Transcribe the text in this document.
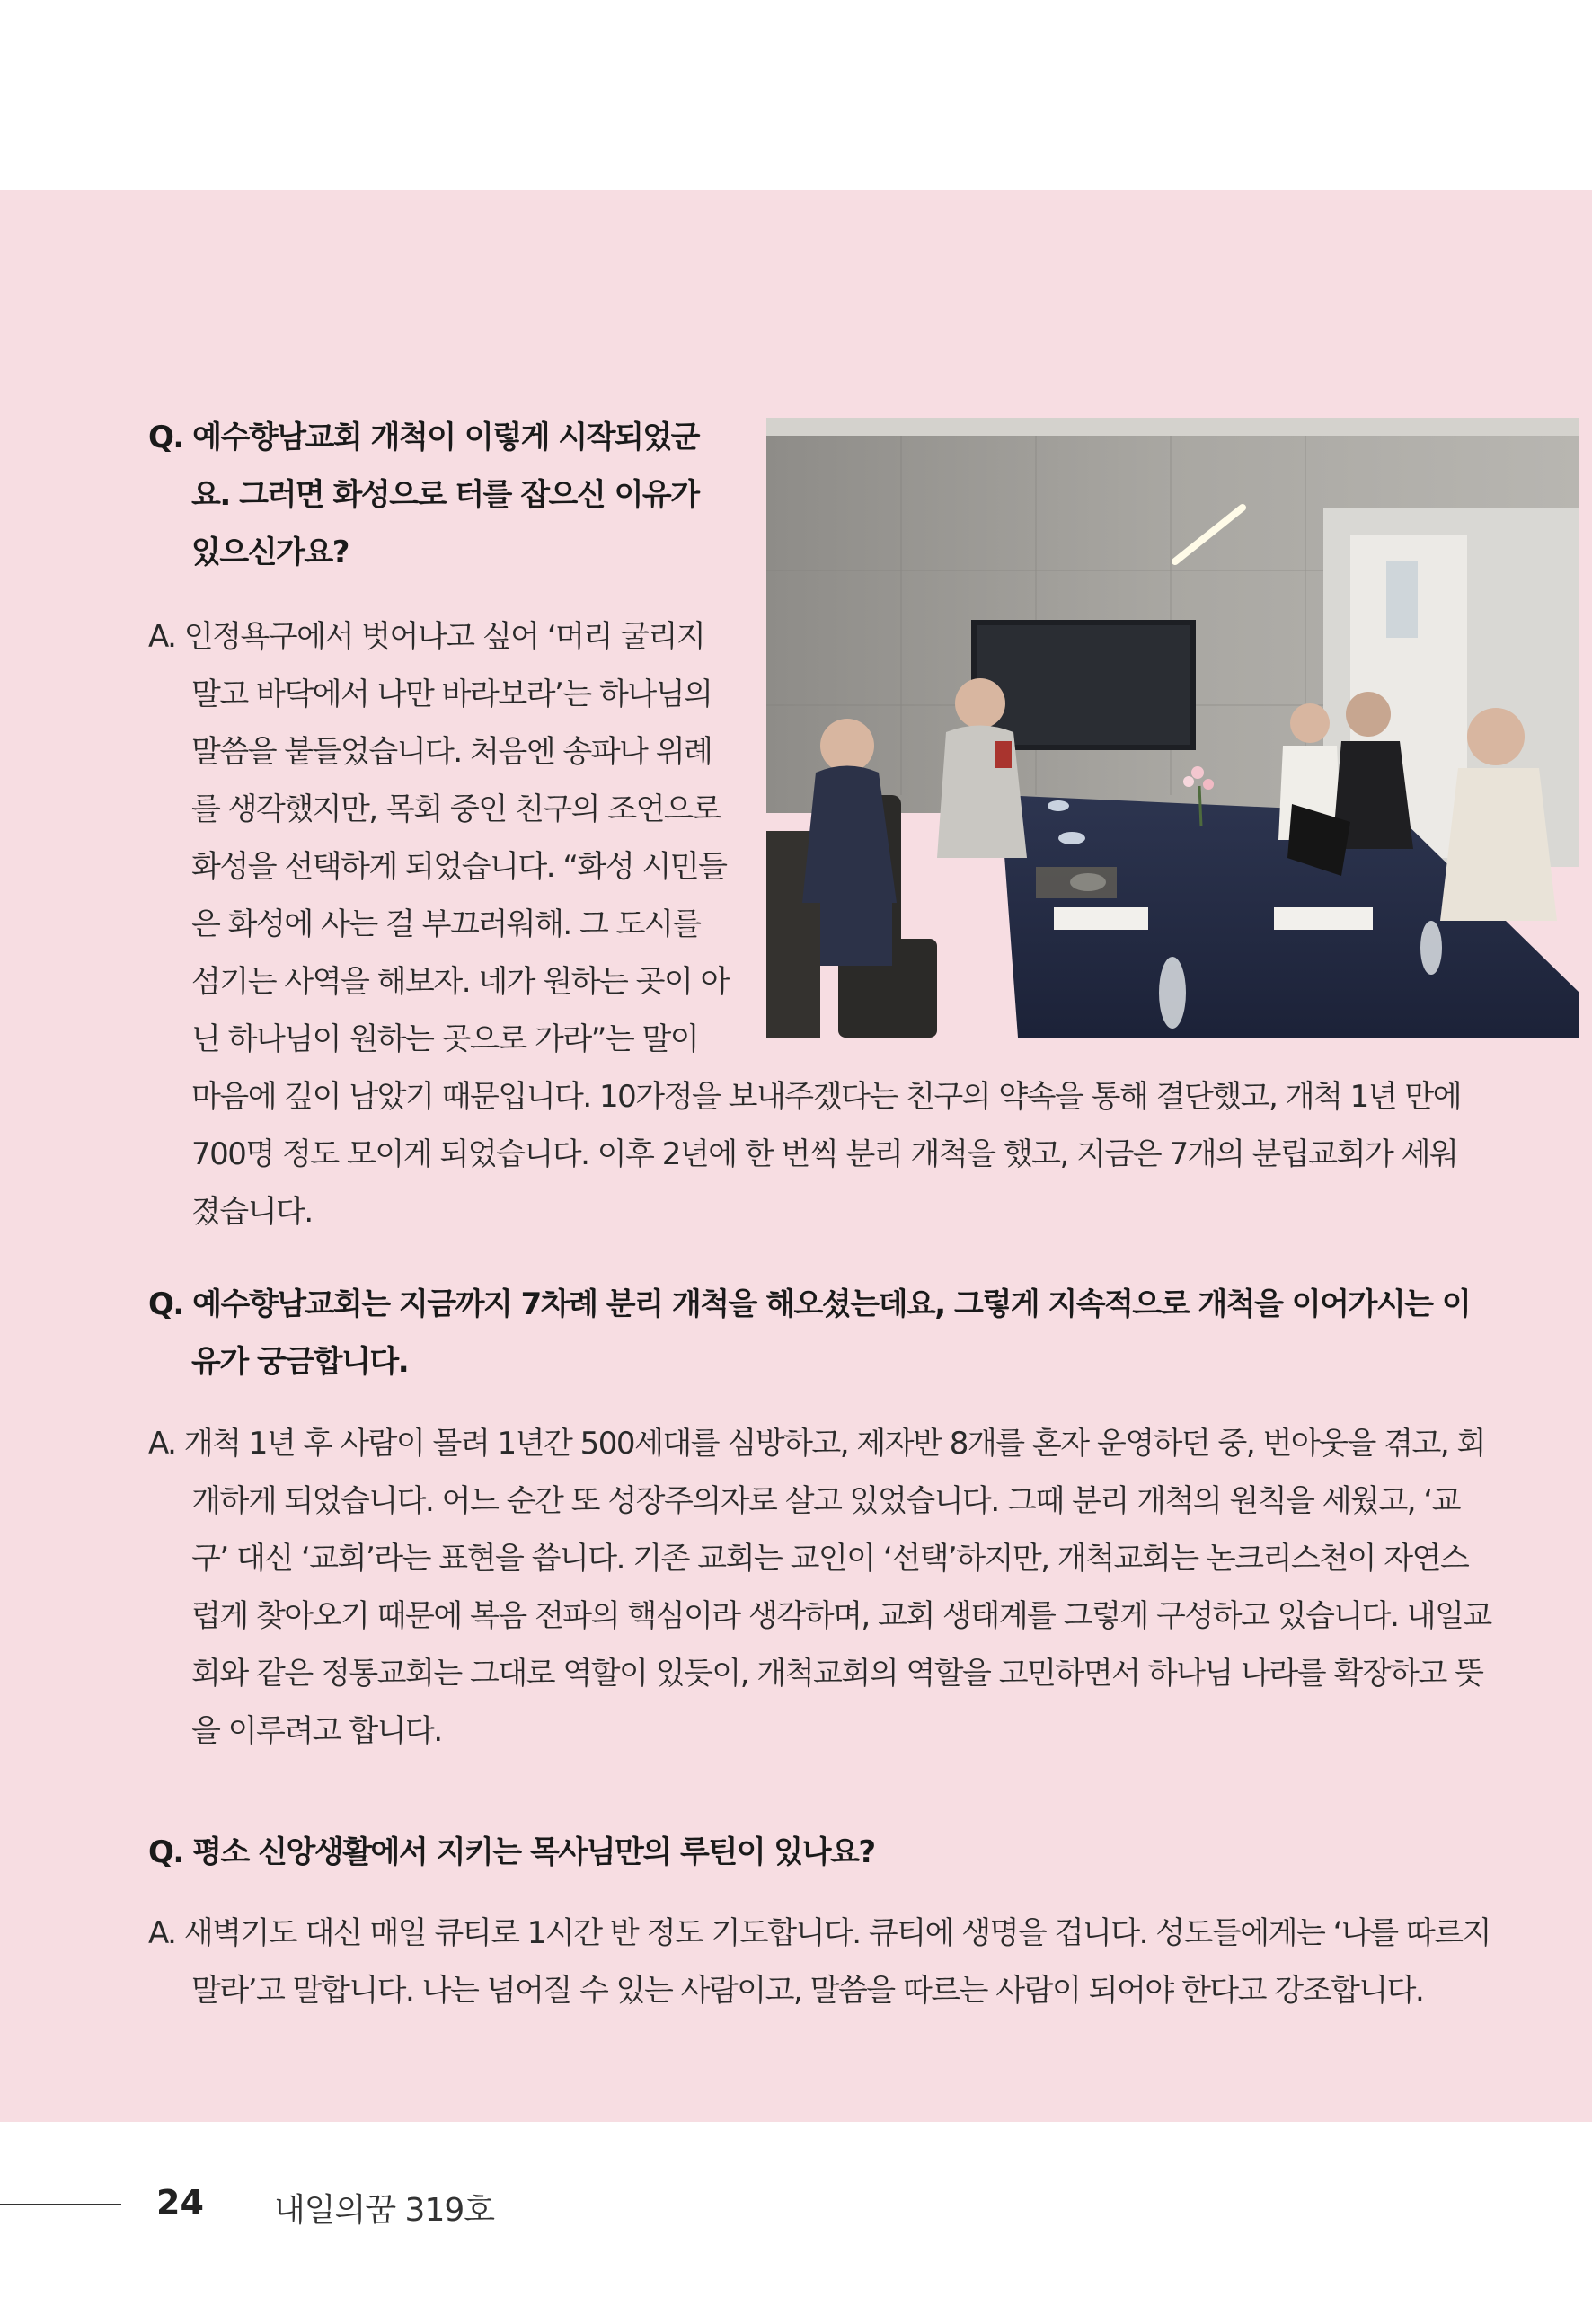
Q. 예수향남교회 개척이 이렇게 시작되었군
요. 그러면 화성으로 터를 잡으신 이유가
있으신가요?

A. 인정욕구에서 벗어나고 싶어 ‘머리 굴리지
말고 바닥에서 나만 바라보라’는 하나님의
말씀을 붙들었습니다. 처음엔 송파나 위례
를 생각했지만, 목회 중인 친구의 조언으로
화성을 선택하게 되었습니다. “화성 시민들
은 화성에 사는 걸 부끄러워해. 그 도시를
섬기는 사역을 해보자. 네가 원하는 곳이 아
닌 하나님이 원하는 곳으로 가라”는 말이
마음에 깊이 남았기 때문입니다. 10가정을 보내주겠다는 친구의 약속을 통해 결단했고, 개척 1년 만에
700명 정도 모이게 되었습니다. 이후 2년에 한 번씩 분리 개척을 했고, 지금은 7개의 분립교회가 세워
졌습니다.

Q. 예수향남교회는 지금까지 7차례 분리 개척을 해오셨는데요, 그렇게 지속적으로 개척을 이어가시는 이유가 궁금합니다.

A. 개척 1년 후 사람이 몰려 1년간 500세대를 심방하고, 제자반 8개를 혼자 운영하던 중, 번아웃을 겪고, 회개하게 되었습니다. 어느 순간 또 성장주의자로 살고 있었습니다. 그때 분리 개척의 원칙을 세웠고, ‘교구’ 대신 ‘교회’라는 표현을 씁니다. 기존 교회는 교인이 ‘선택’하지만, 개척교회는 논크리스천이 자연스럽게 찾아오기 때문에 복음 전파의 핵심이라 생각하며, 교회 생태계를 그렇게 구성하고 있습니다. 내일교회와 같은 정통교회는 그대로 역할이 있듯이, 개척교회의 역할을 고민하면서 하나님 나라를 확장하고 뜻을 이루려고 합니다.

Q. 평소 신앙생활에서 지키는 목사님만의 루틴이 있나요?

A. 새벽기도 대신 매일 큐티로 1시간 반 정도 기도합니다. 큐티에 생명을 겁니다. 성도들에게는 ‘나를 따르지 말라’고 말합니다. 나는 넘어질 수 있는 사람이고, 말씀을 따르는 사람이 되어야 한다고 강조합니다.

24 내일의꿈 319호
